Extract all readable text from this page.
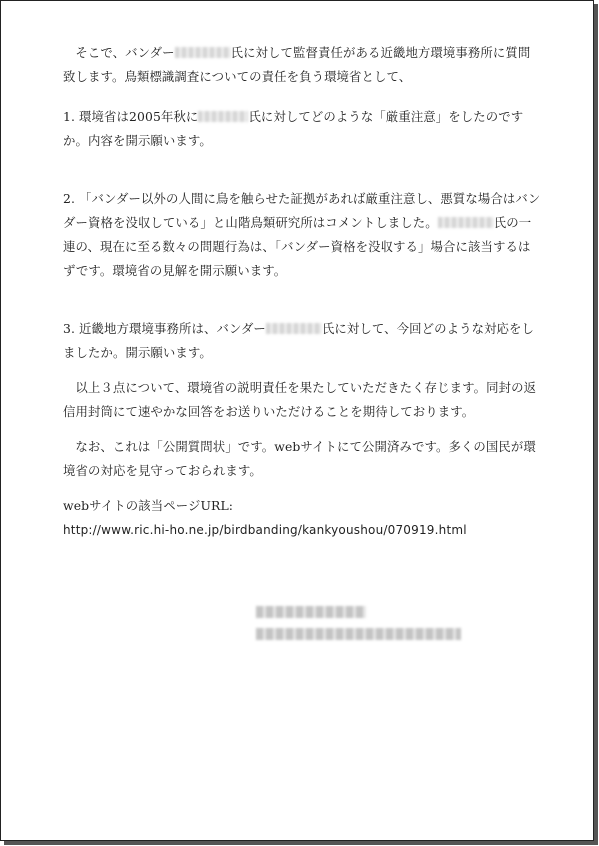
そこで、バンダー	氏に対して監督責任がある近畿地方環境事務所に質問致します。鳥類標識調査についての責任を負う環境省として、

1. 環境省は2005年秋に	氏に対してどのような「厳重注意」をしたのですか。内容を開示願います。

2. 「バンダー以外の人間に鳥を触らせた証拠があれば厳重注意し、悪質な場合はバンダー資格を没収している」と山階鳥類研究所はコメントしました。	氏の一連の、現在に至る数々の問題行為は、「バンダー資格を没収する」場合に該当するはずです。環境省の見解を開示願います。

3. 近畿地方環境事務所は、バンダー	氏に対して、今回どのような対応をしましたか。開示願います。

以上３点について、環境省の説明責任を果たしていただきたく存じます。同封の返信用封筒にて速やかな回答をお送りいただけることを期待しております。

なお、これは「公開質問状」です。webサイトにて公開済みです。多くの国民が環境省の対応を見守っておられます。

webサイトの該当ページURL:

http://www.ric.hi-ho.ne.jp/birdbanding/kankyoushou/070919.html
